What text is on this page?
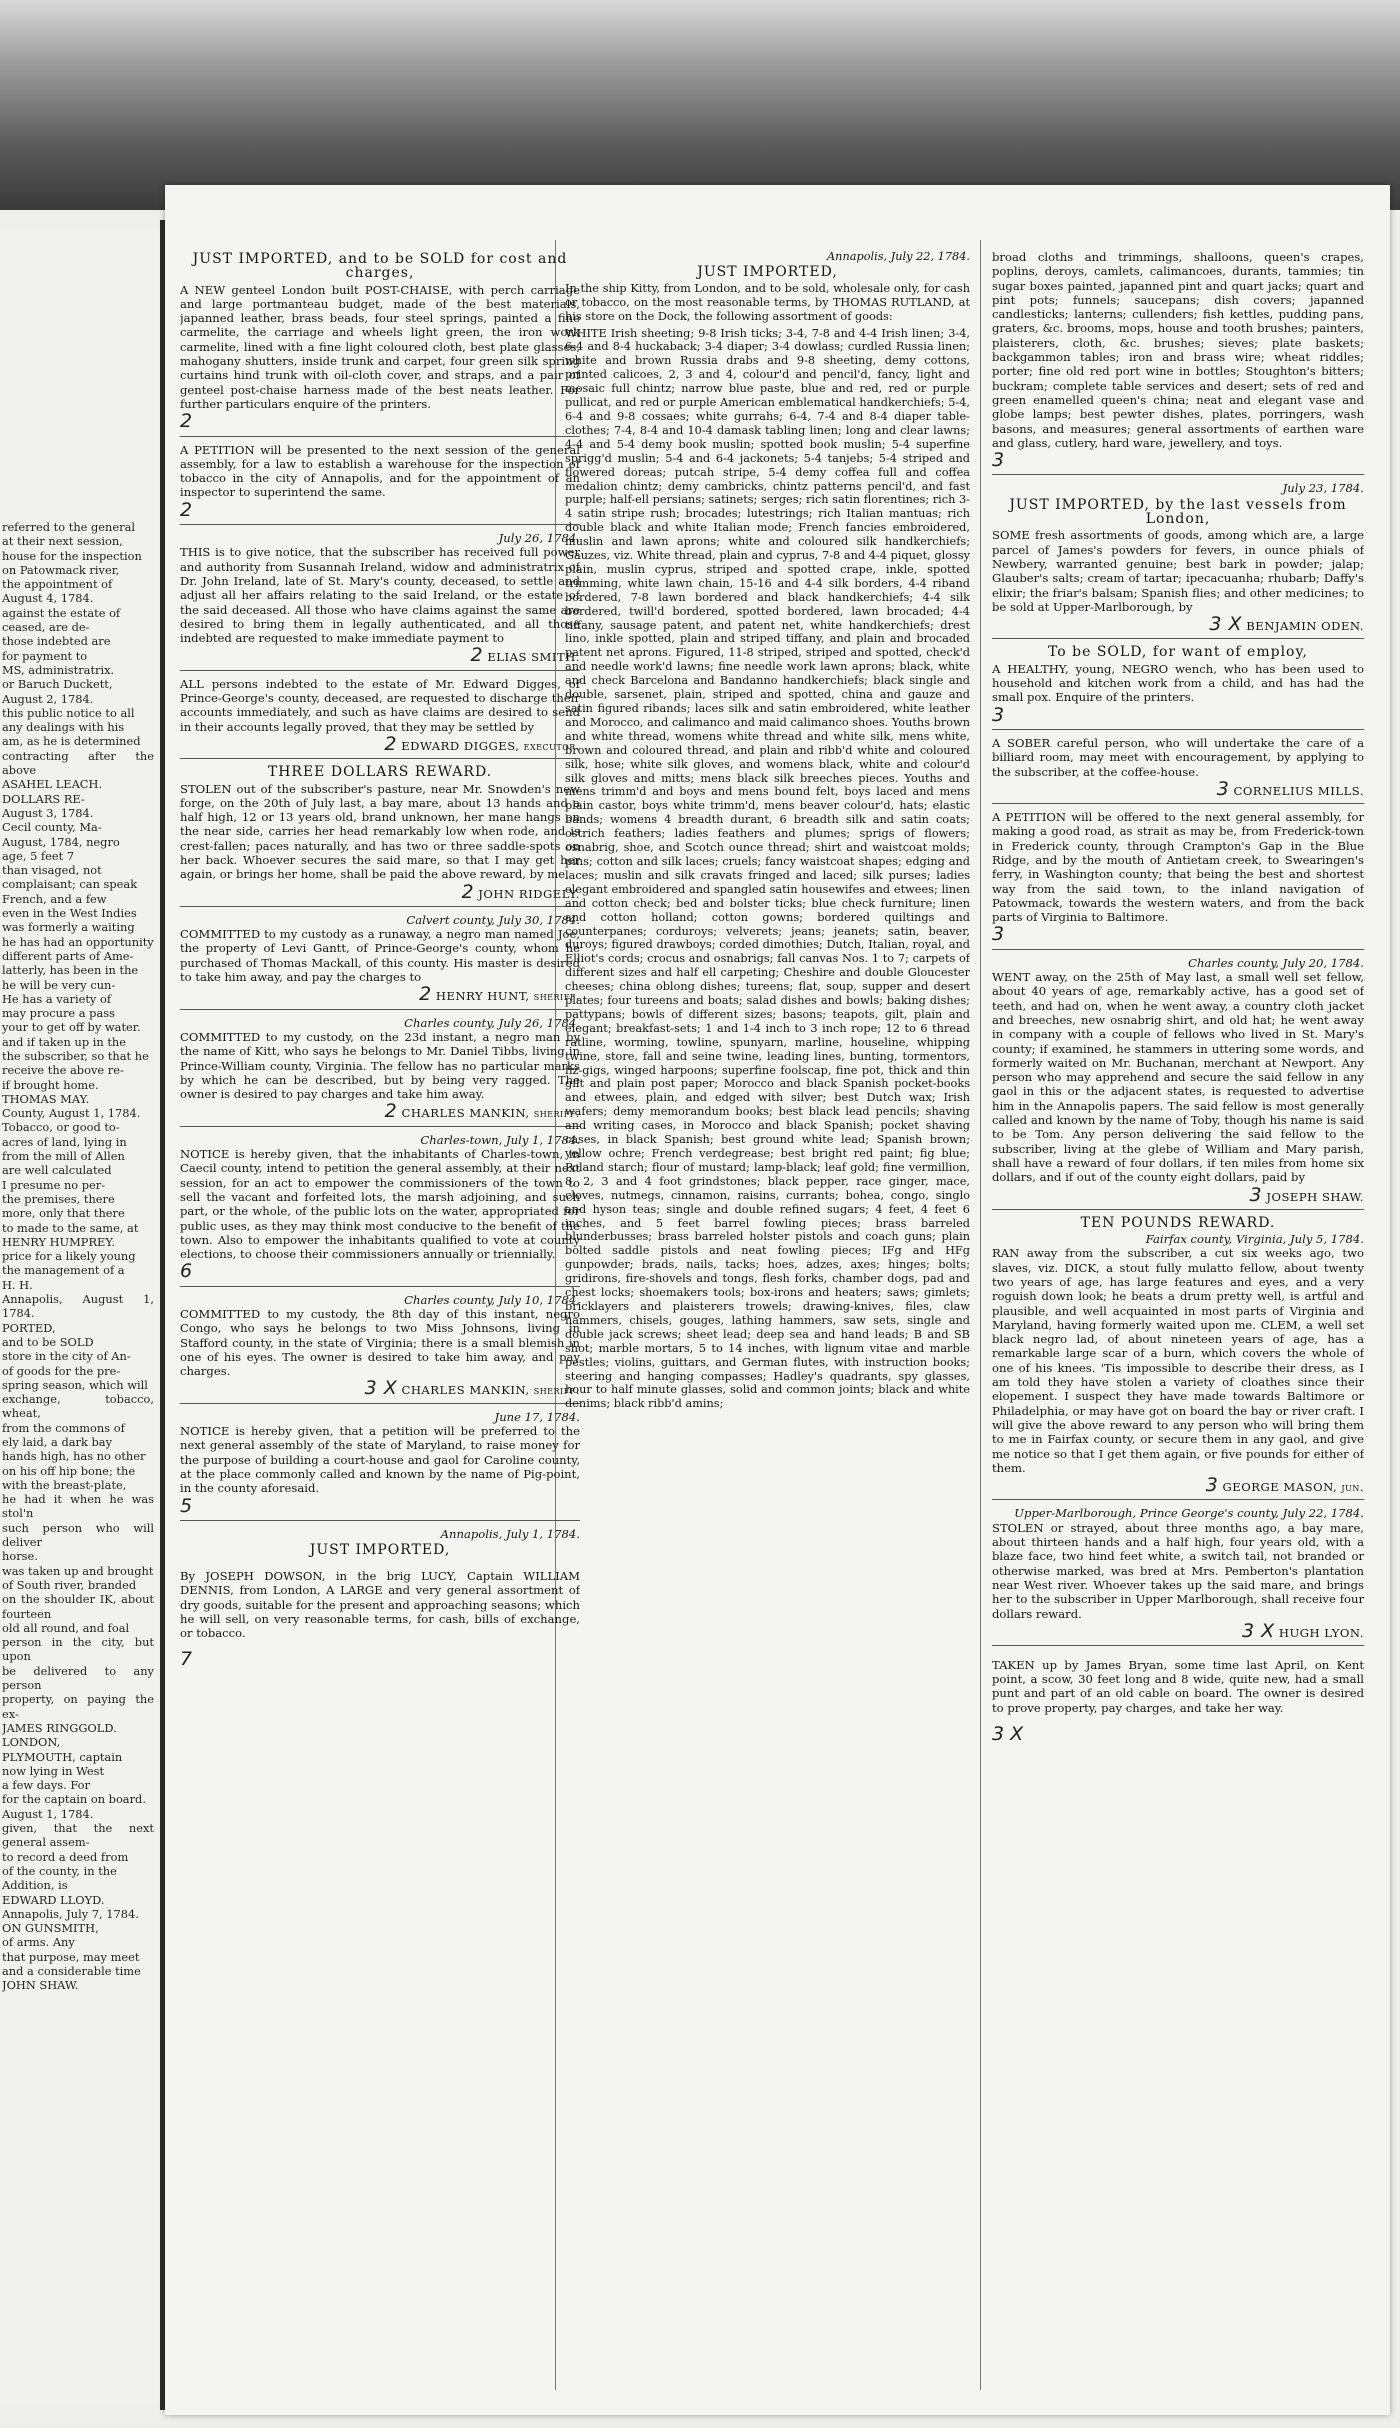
referred to the general
at their next session,
house for the inspection
on Patowmack river,
the appointment of
August 4, 1784.
against the estate of
ceased, are de-
those indebted are
for payment to
MS, administratrix.
or Baruch Duckett,
August 2, 1784.
this public notice to all
any dealings with his
am, as he is determined
contracting after the above
ASAHEL LEACH.
DOLLARS RE-
August 3, 1784.
Cecil county, Ma-
August, 1784, negro
age, 5 feet 7
than visaged, not
complaisant; can speak
French, and a few
even in the West Indies
was formerly a waiting
he has had an opportunity
different parts of Ame-
latterly, has been in the
he will be very cun-
He has a variety of
may procure a pass
your to get off by water.
and if taken up in the
the subscriber, so that he
receive the above re-
if brought home.
THOMAS MAY.
County, August 1, 1784.
Tobacco, or good to-
acres of land, lying in
from the mill of Allen
are well calculated
I presume no per-
the premises, there
more, only that there
to made to the same, at
HENRY HUMPREY.
price for a likely young
the management of a
H. H.
Annapolis, August 1, 1784.
PORTED,
and to be SOLD
store in the city of An-
of goods for the pre-
spring season, which will
exchange, tobacco, wheat,
from the commons of
ely laid, a dark bay
hands high, has no other
on his off hip bone; the
with the breast-plate,
he had it when he was stol'n
such person who will deliver
horse.
was taken up and brought
of South river, branded
on the shoulder IK, about fourteen
old all round, and foal
person in the city, but upon
be delivered to any person
property, on paying the ex-
JAMES RINGGOLD.
LONDON,
PLYMOUTH, captain
now lying in West
a few days. For
for the captain on board.
August 1, 1784.
given, that the next general assem-
to record a deed from
of the county, in the
Addition, is
EDWARD LLOYD.
Annapolis, July 7, 1784.
ON GUNSMITH,
of arms. Any
that purpose, may meet
and a considerable time
JOHN SHAW.
JUST IMPORTED, and to be SOLD for cost and charges,

A NEW genteel London built POST-CHAISE, with perch carriage and large portmanteau budget, made of the best materials, japanned leather, brass beads, four steel springs, painted a fine carmelite, the carriage and wheels light green, the iron work carmelite, lined with a fine light coloured cloth, best plate glasses, mahogany shutters, inside trunk and carpet, four green silk spring curtains hind trunk with oil-cloth cover, and straps, and a pair of genteel post-chaise harness made of the best neats leather. For further particulars enquire of the printers.

2

A PETITION will be presented to the next session of the general assembly, for a law to establish a warehouse for the inspection of tobacco in the city of Annapolis, and for the appointment of an inspector to superintend the same.

2
July 26, 1784.

THIS is to give notice, that the subscriber has received full power and authority from Susannah Ireland, widow and administratrix of Dr. John Ireland, late of St. Mary's county, deceased, to settle and adjust all her affairs relating to the said Ireland, or the estate of the said deceased. All those who have claims against the same are desired to bring them in legally authenticated, and all those indebted are requested to make immediate payment to

2 ELIAS SMITH.

ALL persons indebted to the estate of Mr. Edward Digges, of Prince-George's county, deceased, are requested to discharge their accounts immediately, and such as have claims are desired to send in their accounts legally proved, that they may be settled by

2 EDWARD DIGGES, executor.
THREE DOLLARS REWARD.

STOLEN out of the subscriber's pasture, near Mr. Snowden's new forge, on the 20th of July last, a bay mare, about 13 hands and a half high, 12 or 13 years old, brand unknown, her mane hangs on the near side, carries her head remarkably low when rode, and is crest-fallen; paces naturally, and has two or three saddle-spots on her back. Whoever secures the said mare, so that I may get her again, or brings her home, shall be paid the above reward, by me,

2 JOHN RIDGELY.
Calvert county, July 30, 1784.

COMMITTED to my custody as a runaway, a negro man named Joe, the property of Levi Gantt, of Prince-George's county, whom he purchased of Thomas Mackall, of this county. His master is desired to take him away, and pay the charges to

2 HENRY HUNT, sheriff.
Charles county, July 26, 1784.

COMMITTED to my custody, on the 23d instant, a negro man by the name of Kitt, who says he belongs to Mr. Daniel Tibbs, living in Prince-William county, Virginia. The fellow has no particular marks by which he can be described, but by being very ragged. The owner is desired to pay charges and take him away.

2 CHARLES MANKIN, sheriff.
Charles-town, July 1, 1784.

NOTICE is hereby given, that the inhabitants of Charles-town, in Caecil county, intend to petition the general assembly, at their next session, for an act to empower the commissioners of the town to sell the vacant and forfeited lots, the marsh adjoining, and such part, or the whole, of the public lots on the water, appropriated for public uses, as they may think most conducive to the benefit of the town. Also to empower the inhabitants qualified to vote at county elections, to choose their commissioners annually or triennially.

6
Charles county, July 10, 1784.

COMMITTED to my custody, the 8th day of this instant, negro Congo, who says he belongs to two Miss Johnsons, living in Stafford county, in the state of Virginia; there is a small blemish in one of his eyes. The owner is desired to take him away, and pay charges.

3 X CHARLES MANKIN, sheriff.
June 17, 1784.

NOTICE is hereby given, that a petition will be preferred to the next general assembly of the state of Maryland, to raise money for the purpose of building a court-house and gaol for Caroline county, at the place commonly called and known by the name of Pig-point, in the county aforesaid.

5
Annapolis, July 1, 1784.
JUST IMPORTED,

By JOSEPH DOWSON, in the brig LUCY, Captain WILLIAM DENNIS, from London, A LARGE and very general assortment of dry goods, suitable for the present and approaching seasons; which he will sell, on very reasonable terms, for cash, bills of exchange, or tobacco.

7
Annapolis, July 22, 1784.
JUST IMPORTED,

In the ship Kitty, from London, and to be sold, wholesale only, for cash or tobacco, on the most reasonable terms, by THOMAS RUTLAND, at his store on the Dock, the following assortment of goods:

WHITE Irish sheeting; 9-8 Irish ticks; 3-4, 7-8 and 4-4 Irish linen; 3-4, 6-4 and 8-4 huckaback; 3-4 diaper; 3-4 dowlass; curdled Russia linen; white and brown Russia drabs and 9-8 sheeting, demy cottons, printed calicoes, 2, 3 and 4, colour'd and pencil'd, fancy, light and mosaic full chintz; narrow blue paste, blue and red, red or purple pullicat, and red or purple American emblematical handkerchiefs; 5-4, 6-4 and 9-8 cossaes; white gurrahs; 6-4, 7-4 and 8-4 diaper table-clothes; 7-4, 8-4 and 10-4 damask tabling linen; long and clear lawns; 4-4 and 5-4 demy book muslin; spotted book muslin; 5-4 superfine sprigg'd muslin; 5-4 and 6-4 jackonets; 5-4 tanjebs; 5-4 striped and flowered doreas; putcah stripe, 5-4 demy coffea full and coffea medalion chintz; demy cambricks, chintz patterns pencil'd, and fast purple; half-ell persians; satinets; serges; rich satin florentines; rich 3-4 satin stripe rush; brocades; lutestrings; rich Italian mantuas; rich double black and white Italian mode; French fancies embroidered, muslin and lawn aprons; white and coloured silk handkerchiefs; Gauzes, viz. White thread, plain and cyprus, 7-8 and 4-4 piquet, glossy plain, muslin cyprus, striped and spotted crape, inkle, spotted trimming, white lawn chain, 15-16 and 4-4 silk borders, 4-4 riband bordered, 7-8 lawn bordered and black handkerchiefs; 4-4 silk bordered, twill'd bordered, spotted bordered, lawn brocaded; 4-4 tiffany, sausage patent, and patent net, white handkerchiefs; drest lino, inkle spotted, plain and striped tiffany, and plain and brocaded patent net aprons. Figured, 11-8 striped, striped and spotted, check'd and needle work'd lawns; fine needle work lawn aprons; black, white and check Barcelona and Bandanno handkerchiefs; black single and double, sarsenet, plain, striped and spotted, china and gauze and satin figured ribands; laces silk and satin embroidered, white leather and Morocco, and calimanco and maid calimanco shoes. Youths brown and white thread, womens white thread and white silk, mens white, brown and coloured thread, and plain and ribb'd white and coloured silk, hose; white silk gloves, and womens black, white and colour'd silk gloves and mitts; mens black silk breeches pieces. Youths and mens trimm'd and boys and mens bound felt, boys laced and mens plain castor, boys white trimm'd, mens beaver colour'd, hats; elastic bands; womens 4 breadth durant, 6 breadth silk and satin coats; ostrich feathers; ladies feathers and plumes; sprigs of flowers; osnabrig, shoe, and Scotch ounce thread; shirt and waistcoat molds; pins; cotton and silk laces; cruels; fancy waistcoat shapes; edging and laces; muslin and silk cravats fringed and laced; silk purses; ladies elegant embroidered and spangled satin housewifes and etwees; linen and cotton check; bed and bolster ticks; blue check furniture; linen and cotton holland; cotton gowns; bordered quiltings and counterpanes; corduroys; velverets; jeans; jeanets; satin, beaver, duroys; figured drawboys; corded dimothies; Dutch, Italian, royal, and Elliot's cords; crocus and osnabrigs; fall canvas Nos. 1 to 7; carpets of different sizes and half ell carpeting; Cheshire and double Gloucester cheeses; china oblong dishes; tureens; flat, soup, supper and desert plates; four tureens and boats; salad dishes and bowls; baking dishes; pattypans; bowls of different sizes; basons; teapots, gilt, plain and elegant; breakfast-sets; 1 and 1-4 inch to 3 inch rope; 12 to 6 thread ratline, worming, towline, spunyarn, marline, houseline, whipping twine, store, fall and seine twine, leading lines, bunting, tormentors, fiz-gigs, winged harpoons; superfine foolscap, fine pot, thick and thin gilt and plain post paper; Morocco and black Spanish pocket-books and etwees, plain, and edged with silver; best Dutch wax; Irish wafers; demy memorandum books; best black lead pencils; shaving and writing cases, in Morocco and black Spanish; pocket shaving cases, in black Spanish; best ground white lead; Spanish brown; yellow ochre; French verdegrease; best bright red paint; fig blue; Poland starch; flour of mustard; lamp-black; leaf gold; fine vermillion, 8, 2, 3 and 4 foot grindstones; black pepper, race ginger, mace, cloves, nutmegs, cinnamon, raisins, currants; bohea, congo, singlo and hyson teas; single and double refined sugars; 4 feet, 4 feet 6 inches, and 5 feet barrel fowling pieces; brass barreled blunderbusses; brass barreled holster pistols and coach guns; plain bolted saddle pistols and neat fowling pieces; IFg and HFg gunpowder; brads, nails, tacks; hoes, adzes, axes; hinges; bolts; gridirons, fire-shovels and tongs, flesh forks, chamber dogs, pad and chest locks; shoemakers tools; box-irons and heaters; saws; gimlets; bricklayers and plaisterers trowels; drawing-knives, files, claw hammers, chisels, gouges, lathing hammers, saw sets, single and double jack screws; sheet lead; deep sea and hand leads; B and SB shot; marble mortars, 5 to 14 inches, with lignum vitae and marble pestles; violins, guittars, and German flutes, with instruction books; steering and hanging compasses; Hadley's quadrants, spy glasses, hour to half minute glasses, solid and common joints; black and white denims; black ribb'd amins;

broad cloths and trimmings, shalloons, queen's crapes, poplins, deroys, camlets, calimancoes, durants, tammies; tin sugar boxes painted, japanned pint and quart jacks; quart and pint pots; funnels; saucepans; dish covers; japanned candlesticks; lanterns; cullenders; fish kettles, pudding pans, graters, &c. brooms, mops, house and tooth brushes; painters, plaisterers, cloth, &c. brushes; sieves; plate baskets; backgammon tables; iron and brass wire; wheat riddles; porter; fine old red port wine in bottles; Stoughton's bitters; buckram; complete table services and desert; sets of red and green enamelled queen's china; neat and elegant vase and globe lamps; best pewter dishes, plates, porringers, wash basons, and measures; general assortments of earthen ware and glass, cutlery, hard ware, jewellery, and toys.

3
July 23, 1784.
JUST IMPORTED, by the last vessels from London,

SOME fresh assortments of goods, among which are, a large parcel of James's powders for fevers, in ounce phials of Newbery, warranted genuine; best bark in powder; jalap; Glauber's salts; cream of tartar; ipecacuanha; rhubarb; Daffy's elixir; the friar's balsam; Spanish flies; and other medicines; to be sold at Upper-Marlborough, by

3 X BENJAMIN ODEN.
To be SOLD, for want of employ,

A HEALTHY, young, NEGRO wench, who has been used to household and kitchen work from a child, and has had the small pox. Enquire of the printers.

3

A SOBER careful person, who will undertake the care of a billiard room, may meet with encouragement, by applying to the subscriber, at the coffee-house.

3 CORNELIUS MILLS.

A PETITION will be offered to the next general assembly, for making a good road, as strait as may be, from Frederick-town in Frederick county, through Crampton's Gap in the Blue Ridge, and by the mouth of Antietam creek, to Swearingen's ferry, in Washington county; that being the best and shortest way from the said town, to the inland navigation of Patowmack, towards the western waters, and from the back parts of Virginia to Baltimore.

3
Charles county, July 20, 1784.

WENT away, on the 25th of May last, a small well set fellow, about 40 years of age, remarkably active, has a good set of teeth, and had on, when he went away, a country cloth jacket and breeches, new osnabrig shirt, and old hat; he went away in company with a couple of fellows who lived in St. Mary's county; if examined, he stammers in uttering some words, and formerly waited on Mr. Buchanan, merchant at Newport. Any person who may apprehend and secure the said fellow in any gaol in this or the adjacent states, is requested to advertise him in the Annapolis papers. The said fellow is most generally called and known by the name of Toby, though his name is said to be Tom. Any person delivering the said fellow to the subscriber, living at the glebe of William and Mary parish, shall have a reward of four dollars, if ten miles from home six dollars, and if out of the county eight dollars, paid by

3 JOSEPH SHAW.
TEN POUNDS REWARD.
Fairfax county, Virginia, July 5, 1784.

RAN away from the subscriber, a cut six weeks ago, two slaves, viz. DICK, a stout fully mulatto fellow, about twenty two years of age, has large features and eyes, and a very roguish down look; he beats a drum pretty well, is artful and plausible, and well acquainted in most parts of Virginia and Maryland, having formerly waited upon me. CLEM, a well set black negro lad, of about nineteen years of age, has a remarkable large scar of a burn, which covers the whole of one of his knees. 'Tis impossible to describe their dress, as I am told they have stolen a variety of cloathes since their elopement. I suspect they have made towards Baltimore or Philadelphia, or may have got on board the bay or river craft. I will give the above reward to any person who will bring them to me in Fairfax county, or secure them in any gaol, and give me notice so that I get them again, or five pounds for either of them.

3 GEORGE MASON, jun.
Upper-Marlborough, Prince George's county, July 22, 1784.

STOLEN or strayed, about three months ago, a bay mare, about thirteen hands and a half high, four years old, with a blaze face, two hind feet white, a switch tail, not branded or otherwise marked, was bred at Mrs. Pemberton's plantation near West river. Whoever takes up the said mare, and brings her to the subscriber in Upper Marlborough, shall receive four dollars reward.

3 X HUGH LYON.

TAKEN up by James Bryan, some time last April, on Kent point, a scow, 30 feet long and 8 wide, quite new, had a small punt and part of an old cable on board. The owner is desired to prove property, pay charges, and take her way.

3 X
